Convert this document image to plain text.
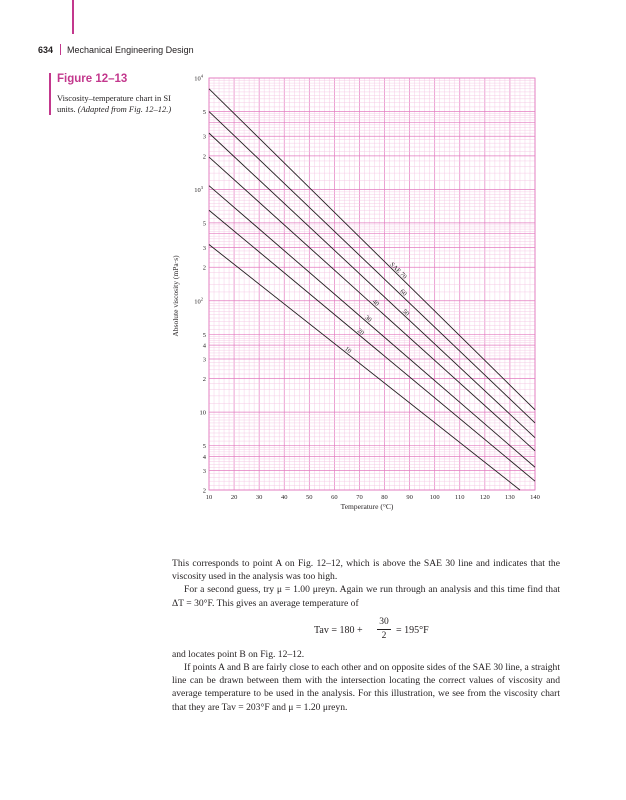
634 Mechanical Engineering Design
Figure 12–13
Viscosity–temperature chart in SI units. (Adapted from Fig. 12–12.)
SAE 70
60
50
40
30
20
10
10	20	30	40	50	60	70	80	90	100 110 120 130 140
$10^4$
5
3
2
$10^3$
5
3
2
$10^2$
5
4
3
2
10
5
4
3
2
Temperature (°C)
Absolute viscosity (mPa·s)

This corresponds to point A on Fig. 12–12, which is above the SAE 30 line and indicates that the viscosity used in the analysis was too high.

For a second guess, try μ = 1.00 μreyn. Again we run through an analysis and this time find that ΔT = 30°F. This gives an average temperature of

Tav = $180 + \frac{30}{2} = 195^\circ F$

and locates point B on Fig. 12–12.

If points A and B are fairly close to each other and on opposite sides of the SAE 30 line, a straight line can be drawn between them with the intersection locating the correct values of viscosity and average temperature to be used in the analysis. For this illustration, we see from the viscosity chart that they are Tav = 203°F and μ = 1.20 μreyn.
